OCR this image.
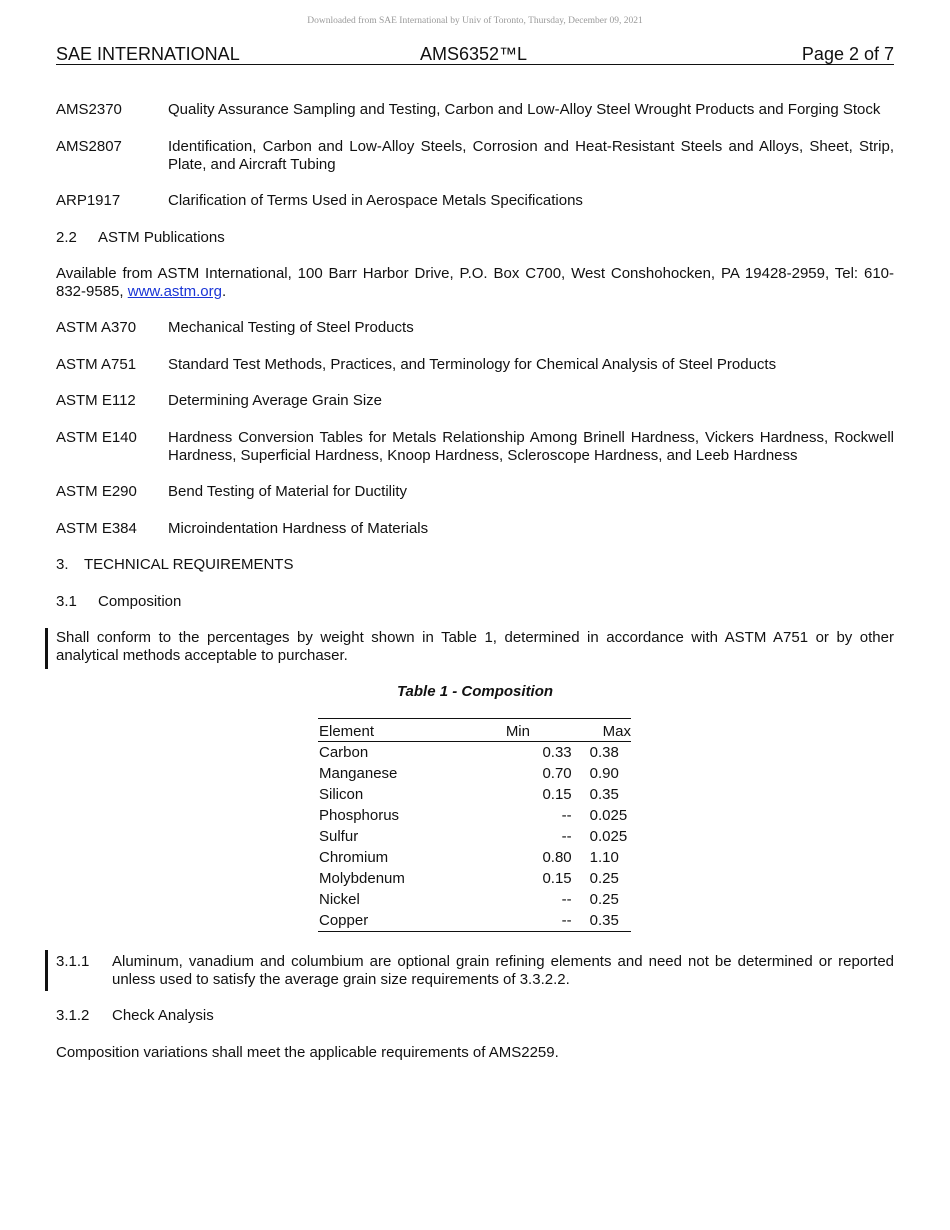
Downloaded from SAE International by Univ of Toronto, Thursday, December 09, 2021
SAE INTERNATIONAL	AMS6352™L	Page 2 of 7
AMS2370	Quality Assurance Sampling and Testing, Carbon and Low-Alloy Steel Wrought Products and Forging Stock
AMS2807	Identification, Carbon and Low-Alloy Steels, Corrosion and Heat-Resistant Steels and Alloys, Sheet, Strip, Plate, and Aircraft Tubing
ARP1917	Clarification of Terms Used in Aerospace Metals Specifications
2.2 ASTM Publications
Available from ASTM International, 100 Barr Harbor Drive, P.O. Box C700, West Conshohocken, PA 19428-2959, Tel: 610-832-9585, www.astm.org.
ASTM A370 Mechanical Testing of Steel Products
ASTM A751 Standard Test Methods, Practices, and Terminology for Chemical Analysis of Steel Products
ASTM E112 Determining Average Grain Size
ASTM E140 Hardness Conversion Tables for Metals Relationship Among Brinell Hardness, Vickers Hardness, Rockwell Hardness, Superficial Hardness, Knoop Hardness, Scleroscope Hardness, and Leeb Hardness
ASTM E290 Bend Testing of Material for Ductility
ASTM E384 Microindentation Hardness of Materials
3. TECHNICAL REQUIREMENTS
3.1 Composition
Shall conform to the percentages by weight shown in Table 1, determined in accordance with ASTM A751 or by other analytical methods acceptable to purchaser.
Table 1 - Composition
Element	Min	Max
Carbon	0.33	0.38
Manganese	0.70	0.90
Silicon	0.15	0.35
Phosphorus	--	0.025
Sulfur	--	0.025
Chromium	0.80	1.10
Molybdenum	0.15	0.25
Nickel	--	0.25
Copper	--	0.35
3.1.1 Aluminum, vanadium and columbium are optional grain refining elements and need not be determined or reported unless used to satisfy the average grain size requirements of 3.3.2.2.
3.1.2 Check Analysis
Composition variations shall meet the applicable requirements of AMS2259.
